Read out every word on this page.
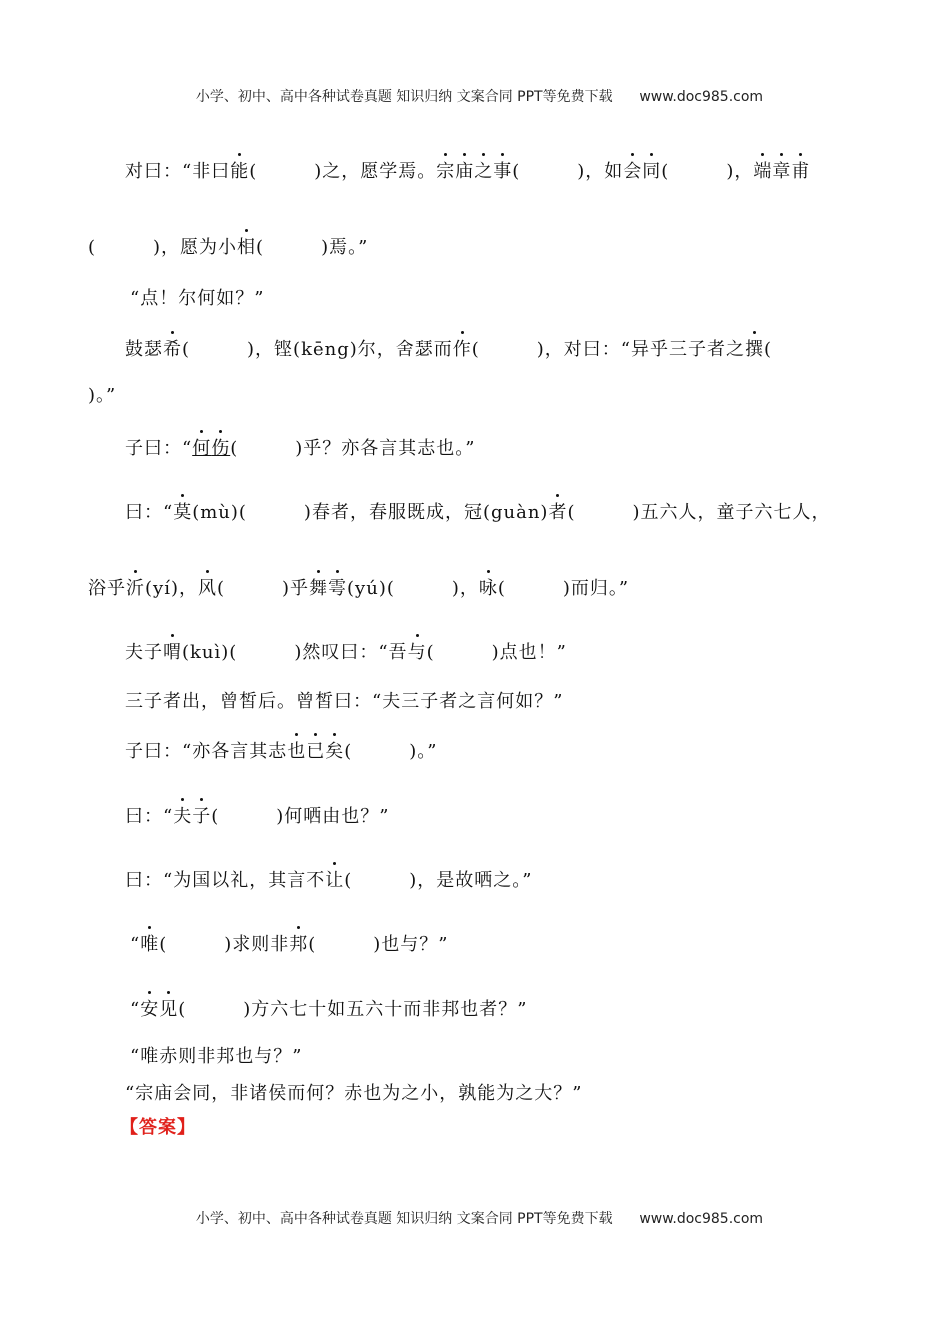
小学、初中、高中各种试卷真题 知识归纳 文案合同 PPT等免费下载 www.doc985.com

对曰：“非曰能(　　　)之，愿学焉。宗庙之事(　　　)，如会同(　　　)，端章甫
(　　　)，愿为小相(　　　)焉。”
“点！尔何如？”
鼓瑟希(　　　)，铿(kēng)尔，舍瑟而作(　　　)，对曰：“异乎三子者之撰(
)。”
子曰：“何伤(　　　)乎？亦各言其志也。”
曰：“莫(mù)(　　　)春者，春服既成，冠(guàn)者(　　　)五六人，童子六七人，
浴乎沂(yí)，风(　　　)乎舞雩(yú)(　　　)，咏(　　　)而归。”
夫子喟(kuì)(　　　)然叹曰：“吾与(　　　)点也！”
三子者出，曾皙后。曾皙曰：“夫三子者之言何如？”
子曰：“亦各言其志也已矣(　　　)。”
曰：“夫子(　　　)何哂由也？”
曰：“为国以礼，其言不让(　　　)，是故哂之。”
“唯(　　　)求则非邦(　　　)也与？”
“安见(　　　)方六七十如五六十而非邦也者？”
“唯赤则非邦也与？”
“宗庙会同，非诸侯而何？赤也为之小，孰能为之大？”
【答案】

小学、初中、高中各种试卷真题 知识归纳 文案合同 PPT等免费下载 www.doc985.com
